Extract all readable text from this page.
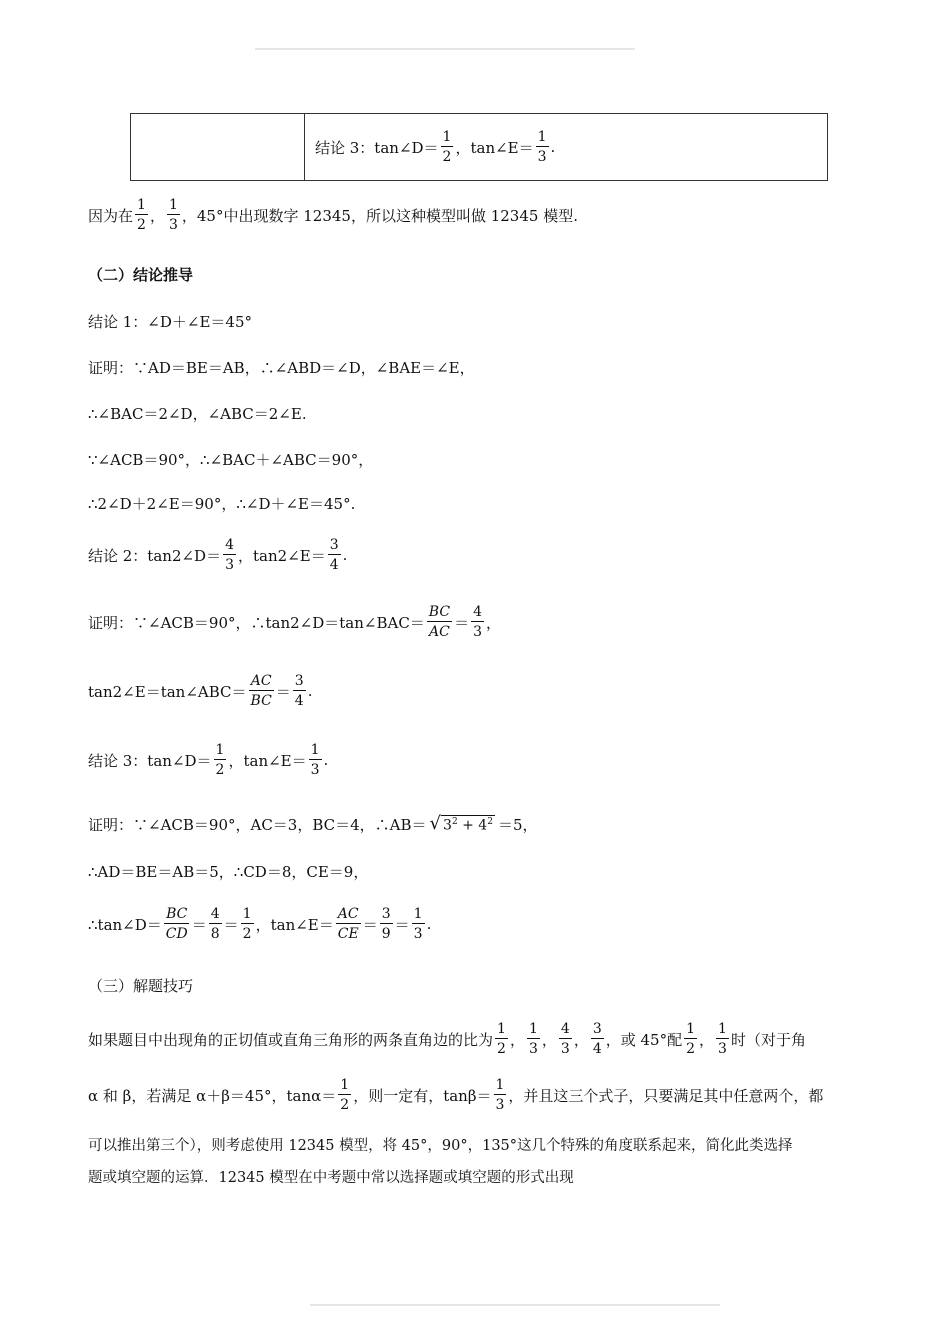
结论 3：tan∠D＝ $\frac{1}{2}$ ，tan∠E＝ $\frac{1}{3}$ .
因为在 $\frac{1}{2}$ ， $\frac{1}{3}$ ，45°中出现数字 12345，所以这种模型叫做 12345 模型.
（二）结论推导
结论 1：∠D＋∠E＝45°
证明：∵AD＝BE＝AB，∴∠ABD＝∠D，∠BAE＝∠E，
∴∠BAC＝2∠D，∠ABC＝2∠E.
∵∠ACB＝90°，∴∠BAC＋∠ABC＝90°，
∴2∠D＋2∠E＝90°，∴∠D＋∠E＝45°.
结论 2：tan2∠D＝ $\frac{4}{3}$ ，tan2∠E＝ $\frac{3}{4}$ .
证明：∵∠ACB＝90°，∴tan2∠D＝tan∠BAC＝ $\frac{BC}{AC} = \frac{4}{3}$ ，
tan2∠E＝tan∠ABC＝ $\frac{AC}{BC} = \frac{3}{4}$ .
结论 3：tan∠D＝ $\frac{1}{2}$ ，tan∠E＝ $\frac{1}{3}$ .
证明：∵∠ACB＝90°，AC＝3，BC＝4，∴AB＝ √ $3^2 + 4^2 =5$，
∴AD＝BE＝AB＝5，∴CD＝8，CE＝9，
∴tan∠D＝ $\frac{BC}{CD} = \frac{4}{8} = \frac{1}{2}$ ，tan∠E＝ $\frac{AC}{CE} = \frac{3}{9} = \frac{1}{3}$ .
（三）解题技巧
如果题目中出现角的正切值或直角三角形的两条直角边的比为 $\frac{1}{2}$ ， $\frac{1}{3}$ ， $\frac{4}{3}$ ， $\frac{3}{4}$ ，或 45°配 $\frac{1}{2}$ ， $\frac{1}{3}$ 时（对于角
α 和 β，若满足 α＋β＝45°，$\tan\alpha= \frac{1}{2}$ ，则一定有，$\tan\beta= \frac{1}{3}$ ，并且这三个式子，只要满足其中任意两个，都
可以推出第三个），则考虑使用 12345 模型，将 45°，90°，135°这几个特殊的角度联系起来，简化此类选择
题或填空题的运算．12345 模型在中考题中常以选择题或填空题的形式出现
